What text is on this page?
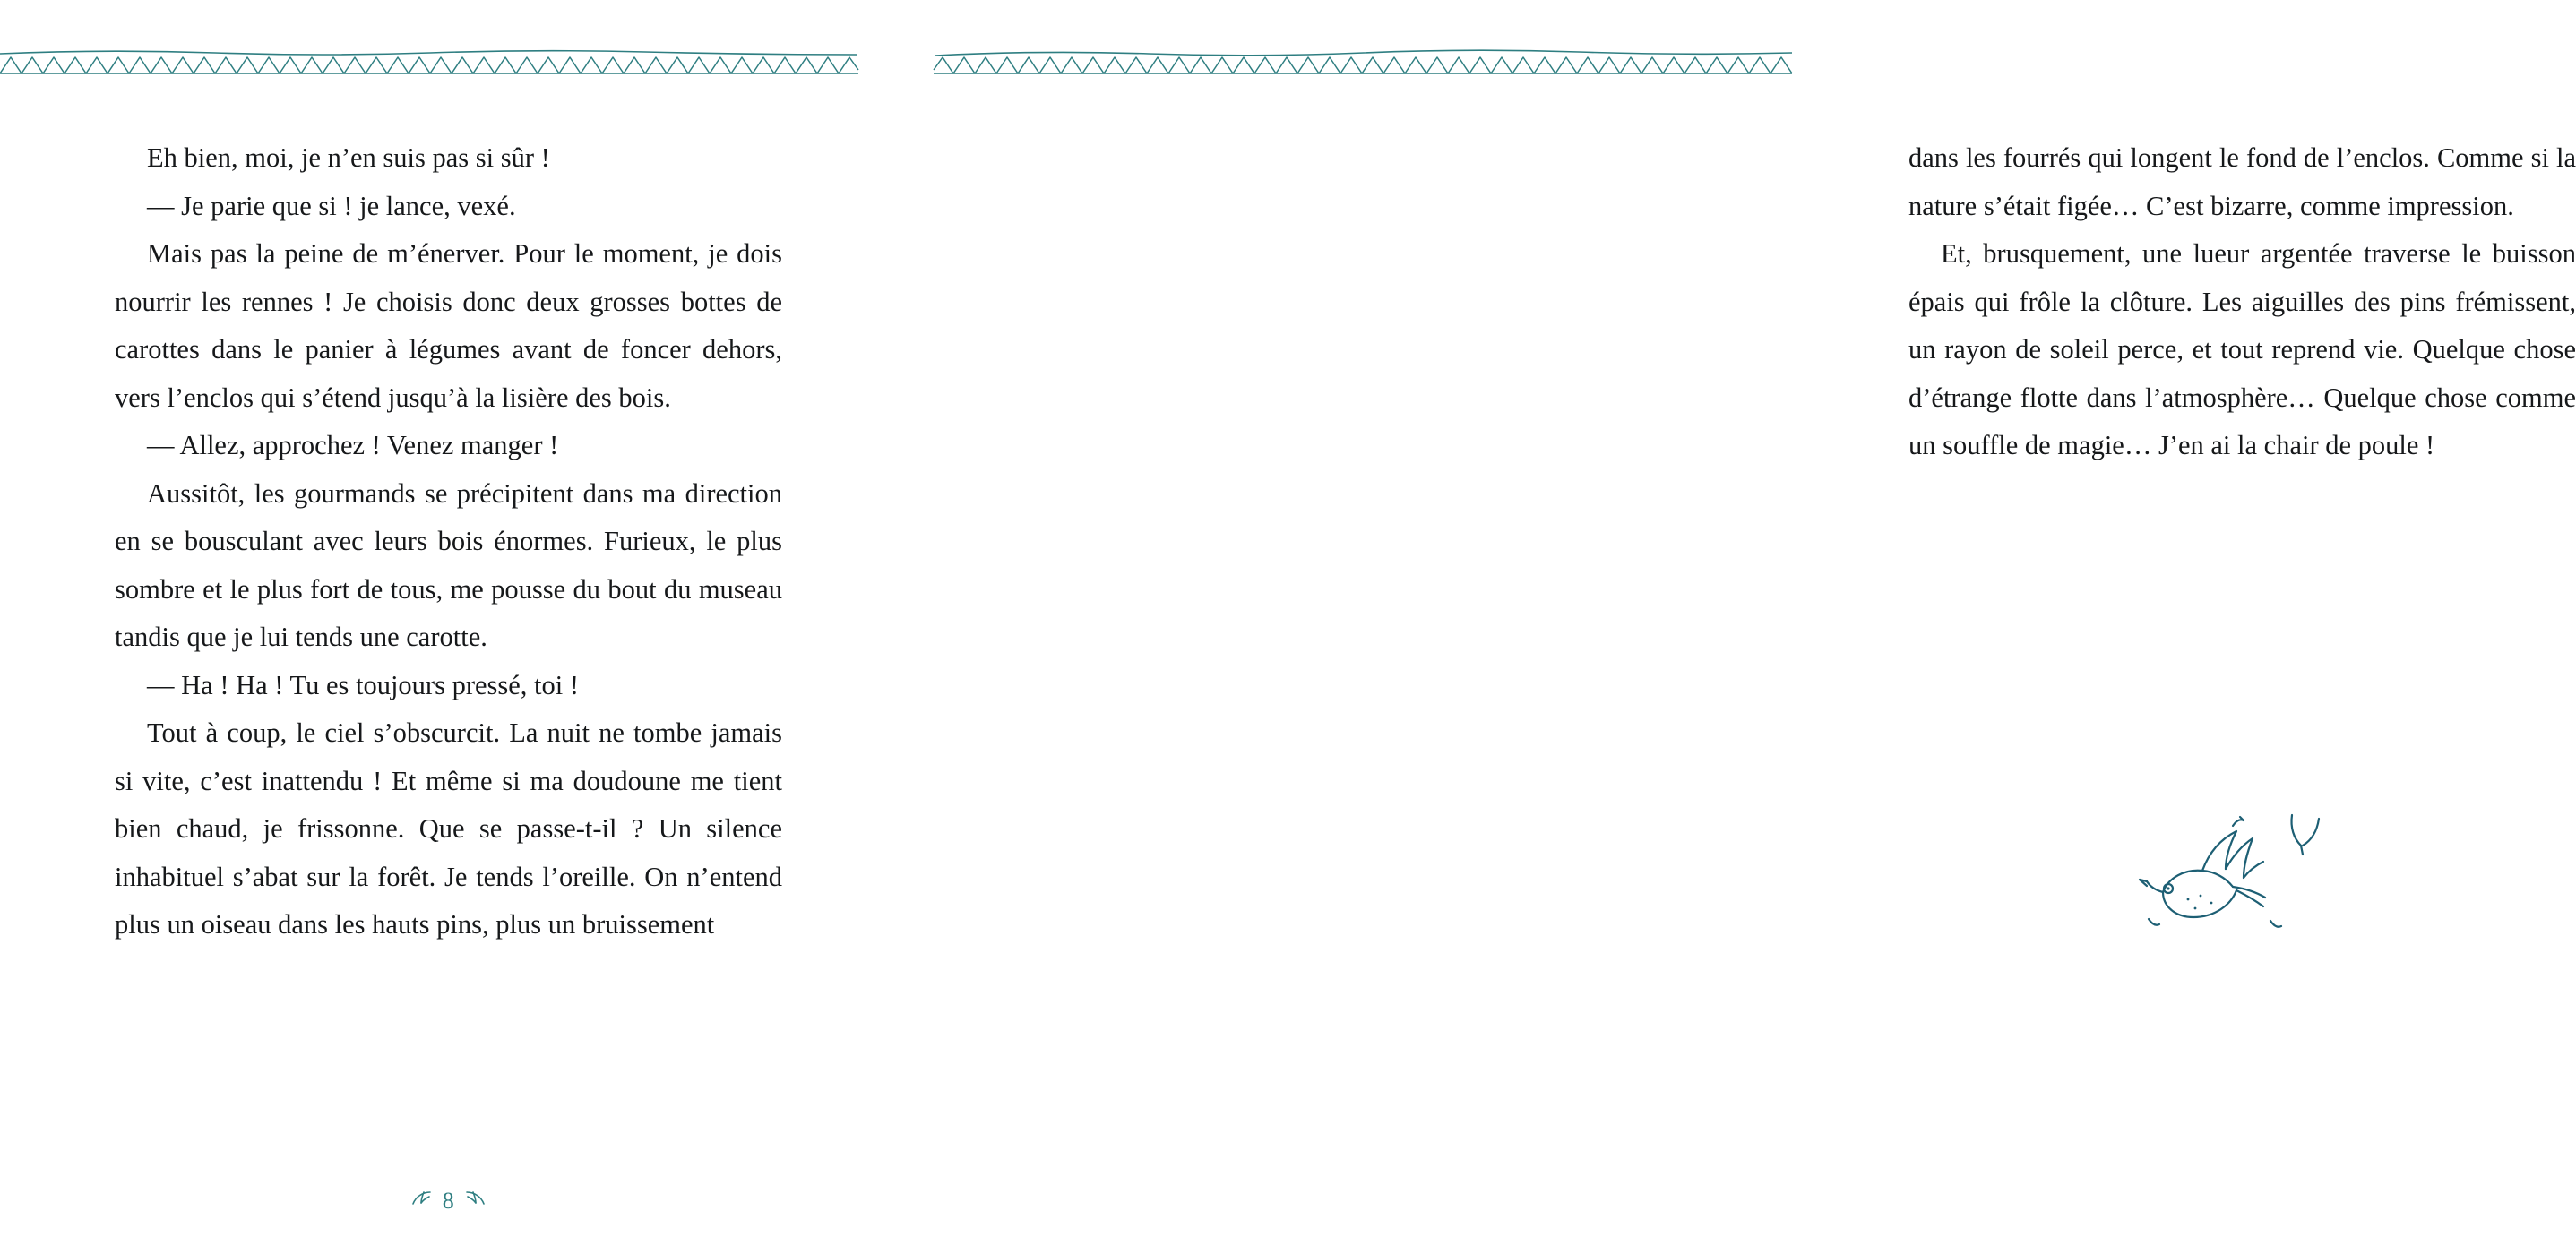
Eh bien, moi, je n’en suis pas si sûr !

— Je parie que si ! je lance, vexé.

Mais pas la peine de m’énerver. Pour le moment, je dois nourrir les rennes ! Je choisis donc deux grosses bottes de carottes dans le panier à légumes avant de foncer dehors, vers l’enclos qui s’étend jusqu’à la lisière des bois.

— Allez, approchez ! Venez manger !

Aussitôt, les gourmands se précipitent dans ma direction en se bousculant avec leurs bois énormes. Furieux, le plus sombre et le plus fort de tous, me pousse du bout du museau tandis que je lui tends une carotte.

— Ha ! Ha ! Tu es toujours pressé, toi !

Tout à coup, le ciel s’obscurcit. La nuit ne tombe jamais si vite, c’est inattendu ! Et même si ma doudoune me tient bien chaud, je frissonne. Que se passe-t-il ? Un silence inhabituel s’abat sur la forêt. Je tends l’oreille. On n’entend plus un oiseau dans les hauts pins, plus un bruissement

8

dans les fourrés qui longent le fond de l’enclos. Comme si la nature s’était figée… C’est bizarre, comme impression.

Et, brusquement, une lueur argentée traverse le buisson épais qui frôle la clôture. Les aiguilles des pins frémissent, un rayon de soleil perce, et tout reprend vie. Quelque chose d’étrange flotte dans l’atmosphère… Quelque chose comme un souffle de magie… J’en ai la chair de poule !
